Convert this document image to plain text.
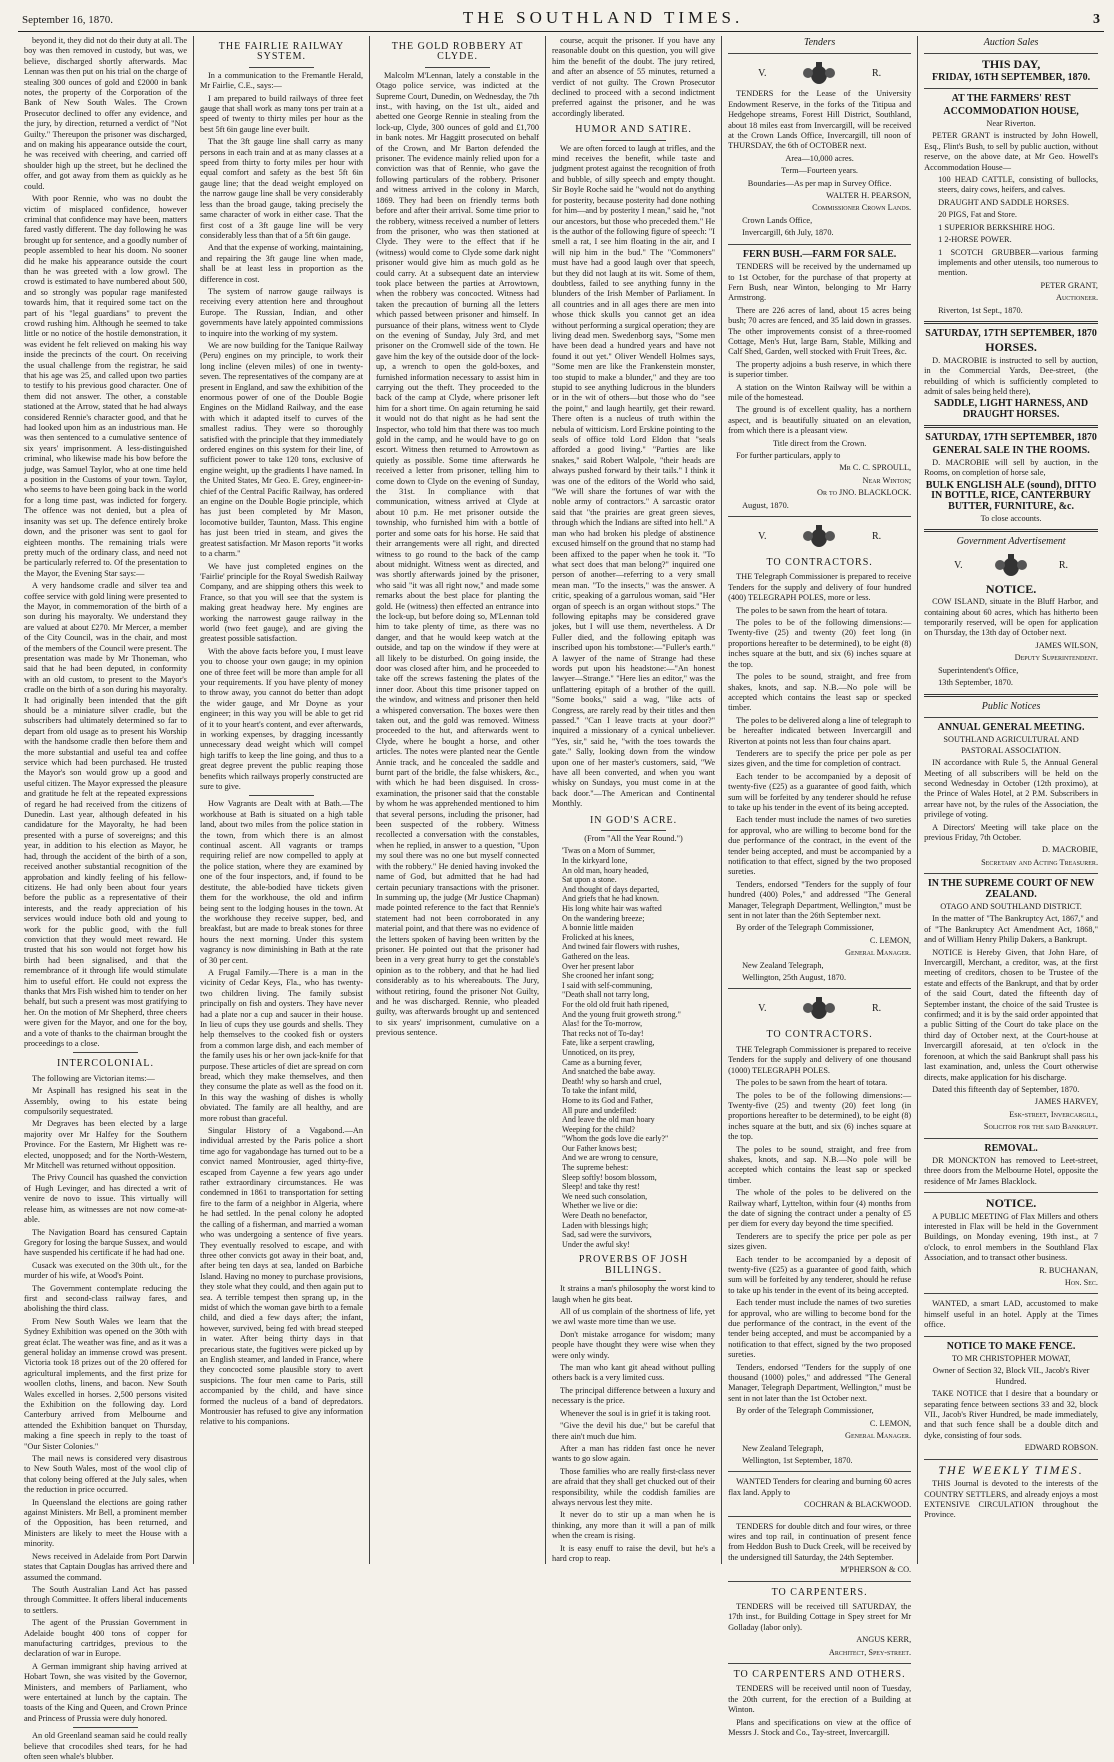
September 16, 1870.	THE SOUTHLAND TIMES.	3

beyond it, they did not do their duty at all. The boy was then removed in custody, but was, we believe, discharged shortly afterwards. Mac Lennan was then put on his trial on the charge of stealing 300 ounces of gold and £2000 in bank notes, the property of the Corporation of the Bank of New South Wales. The Crown Prosecutor declined to offer any evidence, and the jury, by direction, returned a verdict of "Not Guilty." Thereupon the prisoner was discharged, and on making his appearance outside the court, he was received with cheering, and carried off shoulder high up the street, but he declined the offer, and got away from them as quickly as he could.

With poor Rennie, who was no doubt the victim of misplaced confidence, however criminal that confidence may have been, matters fared vastly different. The day following he was brought up for sentence, and a goodly number of people assembled to hear his doom. No sooner did he make his appearance outside the court than he was greeted with a low growl. The crowd is estimated to have numbered about 500, and so strongly was popular rage manifested towards him, that it required some tact on the part of his "legal guardians" to prevent the crowd rushing him. Although he seemed to take little or no notice of the hostile demonstration, it was evident he felt relieved on making his way inside the precincts of the court. On receiving the usual challenge from the registrar, he said that his age was 25, and called upon two parties to testify to his previous good character. One of them did not answer. The other, a constable stationed at the Arrow, stated that he had always considered Rennie's character good, and that he had looked upon him as an industrious man. He was then sentenced to a cumulative sentence of six years' imprisonment. A less-distinguished criminal, who likewise made his bow before the judge, was Samuel Taylor, who at one time held a position in the Customs of your town. Taylor, who seems to have been going back in the world for a long time past, was indicted for forgery. The offence was not denied, but a plea of insanity was set up. The defence entirely broke down, and the prisoner was sent to gaol for eighteen months. The remaining trials were pretty much of the ordinary class, and need not be particularly referred to. Of the presentation to the Mayor, the Evening Star says:—

A very handsome cradle and silver tea and coffee service with gold lining were presented to the Mayor, in commemoration of the birth of a son during his mayoralty. We understand they are valued at about £270. Mr Mercer, a member of the City Council, was in the chair, and most of the members of the Council were present. The presentation was made by Mr Thoneman, who said that he had been deputed, in conformity with an old custom, to present to the Mayor's cradle on the birth of a son during his mayoralty. It had originally been intended that the gift should be a miniature silver cradle, but the subscribers had ultimately determined so far to depart from old usage as to present his Worship with the handsome cradle then before them and the more substantial and useful tea and coffee service which had been purchased. He trusted the Mayor's son would grow up a good and useful citizen. The Mayor expressed the pleasure and gratitude he felt at the repeated expressions of regard he had received from the citizens of Dunedin. Last year, although defeated in his candidature for the Mayoralty, he had been presented with a purse of sovereigns; and this year, in addition to his election as Mayor, he had, through the accident of the birth of a son, received another substantial recognition of the approbation and kindly feeling of his fellow-citizens. He had only been about four years before the public as a representative of their interests, and the ready appreciation of his services would induce both old and young to work for the public good, with the full conviction that they would meet reward. He trusted that his son would not forget how his birth had been signalised, and that the remembrance of it through life would stimulate him to useful effort. He could not express the thanks that Mrs Fish wished him to tender on her behalf, but such a present was most gratifying to her. On the motion of Mr Shepherd, three cheers were given for the Mayor, and one for the boy, and a vote of thanks to the chairman brought the proceedings to a close.

INTERCOLONIAL.

The following are Victorian items:—

Mr Aspinall has resigned his seat in the Assembly, owing to his estate being compulsorily sequestrated.

Mr Degraves has been elected by a large majority over Mr Halfey for the Southern Province. For the Eastern, Mr Highett was re-elected, unopposed; and for the North-Western, Mr Mitchell was returned without opposition.

The Privy Council has quashed the conviction of Hugh Levinger, and has directed a writ of venire de novo to issue. This virtually will release him, as witnesses are not now come-at-able.

The Navigation Board has censured Captain Gregory for losing the barque Sussex, and would have suspended his certificate if he had had one.

Cusack was executed on the 30th ult., for the murder of his wife, at Wood's Point.

The Government contemplate reducing the first and second-class railway fares, and abolishing the third class.

From New South Wales we learn that the Sydney Exhibition was opened on the 30th with great éclat. The weather was fine, and as it was a general holiday an immense crowd was present. Victoria took 18 prizes out of the 20 offered for agricultural implements, and the first prize for woollen cloths, linens, and bacon. New South Wales excelled in horses. 2,500 persons visited the Exhibition on the following day. Lord Canterbury arrived from Melbourne and attended the Exhibition banquet on Thursday, making a fine speech in reply to the toast of "Our Sister Colonies."

The mail news is considered very disastrous to New South Wales, most of the wool clip of that colony being offered at the July sales, when the reduction in price occurred.

In Queensland the elections are going rather against Ministers. Mr Bell, a prominent member of the Opposition, has been returned, and Ministers are likely to meet the House with a minority.

News received in Adelaide from Port Darwin states that Captain Douglas has arrived there and assumed the command.

The South Australian Land Act has passed through Committee. It offers liberal inducements to settlers.

The agent of the Prussian Government in Adelaide bought 400 tons of copper for manufacturing cartridges, previous to the declaration of war in Europe.

A German immigrant ship having arrived at Hobart Town, she was visited by the Governor, Ministers, and members of Parliament, who were entertained at lunch by the captain. The toasts of the King and Queen, and Crown Prince and Princess of Prussia were duly honored.

An old Greenland seaman said he could really believe that crocodiles shed tears, for he had often seen whale's blubber.

THE FAIRLIE RAILWAY SYSTEM.

In a communication to the Fremantle Herald, Mr Fairlie, C.E., says:—

I am prepared to build railways of three feet gauge that shall work as many tons per train at a speed of twenty to thirty miles per hour as the best 5ft 6in gauge line ever built.

That the 3ft gauge line shall carry as many persons in each train and at as many classes at a speed from thirty to forty miles per hour with equal comfort and safety as the best 5ft 6in gauge line; that the dead weight employed on the narrow gauge line shall be very considerably less than the broad gauge, taking precisely the same character of work in either case. That the first cost of a 3ft gauge line will be very considerably less than that of a 5ft 6in gauge.

And that the expense of working, maintaining, and repairing the 3ft gauge line when made, shall be at least less in proportion as the difference in cost.

The system of narrow gauge railways is receiving every attention here and throughout Europe. The Russian, Indian, and other governments have lately appointed commissions to inquire into the working of my system.

We are now building for the Tanique Railway (Peru) engines on my principle, to work their long incline (eleven miles) of one in twenty-seven. The representatives of the company are at present in England, and saw the exhibition of the enormous power of one of the Double Bogie Engines on the Midland Railway, and the ease with which it adapted itself to curves of the smallest radius. They were so thoroughly satisfied with the principle that they immediately ordered engines on this system for their line, of sufficient power to take 120 tons, exclusive of engine weight, up the gradients I have named. In the United States, Mr Geo. E. Grey, engineer-in-chief of the Central Pacific Railway, has ordered an engine on the Double Bogie principle, which has just been completed by Mr Mason, locomotive builder, Taunton, Mass. This engine has just been tried in steam, and gives the greatest satisfaction. Mr Mason reports "it works to a charm."

We have just completed engines on the 'Fairlie' principle for the Royal Swedish Railway Company, and are shipping others this week to France, so that you will see that the system is making great headway here. My engines are working the narrowest gauge railway in the world (two feet gauge), and are giving the greatest possible satisfaction.

With the above facts before you, I must leave you to choose your own gauge; in my opinion one of three feet will be more than ample for all your requirements. If you have plenty of money to throw away, you cannot do better than adopt the wider gauge, and Mr Doyne as your engineer; in this way you will be able to get rid of it to your heart's content, and ever afterwards, in working expenses, by dragging incessantly unnecessary dead weight which will compel high tariffs to keep the line going, and thus to a great degree prevent the public reaping those benefits which railways properly constructed are sure to give.

How Vagrants are Dealt with at Bath.—The workhouse at Bath is situated on a high table land, about two miles from the police station in the town, from which there is an almost continual ascent. All vagrants or tramps requiring relief are now compelled to apply at the police station, where they are examined by one of the four inspectors, and, if found to be destitute, the able-bodied have tickets given them for the workhouse, the old and infirm being sent to the lodging houses in the town. At the workhouse they receive supper, bed, and breakfast, but are made to break stones for three hours the next morning. Under this system vagrancy is now diminishing in Bath at the rate of 30 per cent.

A Frugal Family.—There is a man in the vicinity of Cedar Keys, Fla., who has twenty-two children living. The family subsist principally on fish and oysters. They have never had a plate nor a cup and saucer in their house. In lieu of cups they use gourds and shells. They help themselves to the cooked fish or oysters from a common large dish, and each member of the family uses his or her own jack-knife for that purpose. These articles of diet are spread on corn bread, which they make themselves, and then they consume the plate as well as the food on it. In this way the washing of dishes is wholly obviated. The family are all healthy, and are more robust than graceful.

Singular History of a Vagabond.—An individual arrested by the Paris police a short time ago for vagabondage has turned out to be a convict named Montrousier, aged thirty-five, escaped from Cayenne a few years ago under rather extraordinary circumstances. He was condemned in 1861 to transportation for setting fire to the farm of a neighbor in Algeria, where he had settled. In the penal colony he adopted the calling of a fisherman, and married a woman who was undergoing a sentence of five years. They eventually resolved to escape, and with three other convicts got away in their boat, and, after being ten days at sea, landed on Barbiche Island. Having no money to purchase provisions, they stole what they could, and then again put to sea. A terrible tempest then sprang up, in the midst of which the woman gave birth to a female child, and died a few days after; the infant, however, survived, being fed with bread steeped in water. After being thirty days in that precarious state, the fugitives were picked up by an English steamer, and landed in France, where they concocted some plausible story to avert suspicions. The four men came to Paris, still accompanied by the child, and have since formed the nucleus of a band of depredators. Montrousier has refused to give any information relative to his companions.

THE GOLD ROBBERY AT CLYDE.

Malcolm M'Lennan, lately a constable in the Otago police service, was indicted at the Supreme Court, Dunedin, on Wednesday, the 7th inst., with having, on the 1st ult., aided and abetted one George Rennie in stealing from the lock-up, Clyde, 300 ounces of gold and £1,700 in bank notes. Mr Haggitt prosecuted on behalf of the Crown, and Mr Barton defended the prisoner. The evidence mainly relied upon for a conviction was that of Rennie, who gave the following particulars of the robbery. Prisoner and witness arrived in the colony in March, 1869. They had been on friendly terms both before and after their arrival. Some time prior to the robbery, witness received a number of letters from the prisoner, who was then stationed at Clyde. They were to the effect that if he (witness) would come to Clyde some dark night prisoner would give him as much gold as he could carry. At a subsequent date an interview took place between the parties at Arrowtown, when the robbery was concocted. Witness had taken the precaution of burning all the letters which passed between prisoner and himself. In pursuance of their plans, witness went to Clyde on the evening of Sunday, July 3rd, and met prisoner on the Cromwell side of the town. He gave him the key of the outside door of the lock-up, a wrench to open the gold-boxes, and furnished information necessary to assist him in carrying out the theft. They proceeded to the back of the camp at Clyde, where prisoner left him for a short time. On again returning he said it would not do that night as he had sent the Inspector, who told him that there was too much gold in the camp, and he would have to go on escort. Witness then returned to Arrowtown as quietly as possible. Some time afterwards he received a letter from prisoner, telling him to come down to Clyde on the evening of Sunday, the 31st. In compliance with that communication, witness arrived at Clyde at about 10 p.m. He met prisoner outside the township, who furnished him with a bottle of porter and some oats for his horse. He said that their arrangements were all right, and directed witness to go round to the back of the camp about midnight. Witness went as directed, and was shortly afterwards joined by the prisoner, who said "it was all right now," and made some remarks about the best place for planting the gold. He (witness) then effected an entrance into the lock-up, but before doing so, M'Lennan told him to take plenty of time, as there was no danger, and that he would keep watch at the outside, and tap on the window if they were at all likely to be disturbed. On going inside, the door was closed after him, and he proceeded to take off the screws fastening the plates of the inner door. About this time prisoner tapped on the window, and witness and prisoner then held a whispered conversation. The boxes were then taken out, and the gold was removed. Witness proceeded to the hut, and afterwards went to Clyde, where he bought a horse, and other articles. The notes were planted near the Gentle Annie track, and he concealed the saddle and burnt part of the bridle, the false whiskers, &c., with which he had been disguised. In cross-examination, the prisoner said that the constable by whom he was apprehended mentioned to him that several persons, including the prisoner, had been suspected of the robbery. Witness recollected a conversation with the constables, when he replied, in answer to a question, "Upon my soul there was no one but myself connected with the robbery." He denied having invoked the name of God, but admitted that he had had certain pecuniary transactions with the prisoner. In summing up, the judge (Mr Justice Chapman) made pointed reference to the fact that Rennie's statement had not been corroborated in any material point, and that there was no evidence of the letters spoken of having been written by the prisoner. He pointed out that the prisoner had been in a very great hurry to get the constable's opinion as to the robbery, and that he had lied considerably as to his whereabouts. The Jury, without retiring, found the prisoner Not Guilty, and he was discharged. Rennie, who pleaded guilty, was afterwards brought up and sentenced to six years' imprisonment, cumulative on a previous sentence.

course, acquit the prisoner. If you have any reasonable doubt on this question, you will give him the benefit of the doubt. The jury retired, and after an absence of 55 minutes, returned a verdict of not guilty. The Crown Prosecutor declined to proceed with a second indictment preferred against the prisoner, and he was accordingly liberated.

HUMOR AND SATIRE.

We are often forced to laugh at trifles, and the mind receives the benefit, while taste and judgment protest against the recognition of froth and bubble, of silly speech and empty thought. Sir Boyle Roche said he "would not do anything for posterity, because posterity had done nothing for him—and by posterity I mean," said he, "not our ancestors, but those who preceded them." He is the author of the following figure of speech: "I smell a rat, I see him floating in the air, and I will nip him in the bud." The "Commoners" must have had a good laugh over that speech, but they did not laugh at its wit. Some of them, doubtless, failed to see anything funny in the blunders of the Irish Member of Parliament. In all countries and in all ages there are men into whose thick skulls you cannot get an idea without performing a surgical operation; they are living dead men. Swedenborg says, "Some men have been dead a hundred years and have not found it out yet." Oliver Wendell Holmes says, "Some men are like the Frankenstein monster, too stupid to make a blunder," and they are too stupid to see anything ludicrous in the blunders or in the wit of others—but those who do "see the point," and laugh heartily, get their reward. There often is a nucleus of truth within the nebula of witticism. Lord Erskine pointing to the seals of office told Lord Eldon that "seals afforded a good living." "Parties are like snakes," said Robert Walpole, "their heads are always pushed forward by their tails." I think it was one of the editors of the World who said, "We will share the fortunes of war with the noble army of contractors." A sarcastic orator said that "the prairies are great green sieves, through which the Indians are sifted into hell." A man who had broken his pledge of abstinence excused himself on the ground that no stamp had been affixed to the paper when he took it. "To what sect does that man belong?" inquired one person of another—referring to a very small mean man. "To the insects," was the answer. A critic, speaking of a garrulous woman, said "Her organ of speech is an organ without stops." The following epitaphs may be considered grave jokes, but I will use them, nevertheless. A Dr Fuller died, and the following epitaph was inscribed upon his tombstone:—"Fuller's earth." A lawyer of the name of Strange had these words put upon his headstone:—"An honest lawyer—Strange." "Here lies an editor," was the unflattering epitaph of a brother of the quill. "Some books," said a wag, "like acts of Congress, are rarely read by their titles and then passed." "Can I leave tracts at your door?" inquired a missionary of a cynical unbeliever. "Yes, sir," said he, "with the toes towards the gate." Sally, looking down from the window upon one of her master's customers, said, "We have all been converted, and when you want whisky on Sundays, you must come in at the back door."—The American and Continental Monthly.

IN GOD'S ACRE.

(From "All the Year Round.")

'Twas on a Morn of Summer,

In the kirkyard lone,

An old man, hoary headed,

Sat upon a stone.

And thought of days departed,

And griefs that he had known.

His long white hair was wafted

On the wandering breeze;

A bonnie little maiden

Frolicked at his knees,

And twined fair flowers with rushes,

Gathered on the leas.

Over her present labor

She crooned her infant song;

I said with self-communing,

"Death shall not tarry long,

For the old old fruit hath ripened,

And the young fruit groweth strong."

Alas! for the To-morrow,

That recks not of To-day!

Fate, like a serpent crawling,

Unnoticed, on its prey,

Came as a burning fever,

And snatched the babe away.

Death! why so harsh and cruel,

To take the infant mild,

Home to its God and Father,

All pure and undefiled:

And leave the old man hoary

Weeping for the child?

"Whom the gods love die early?"

Our Father knows best;

And we are wrong to censure,

The supreme behest:

Sleep softly! bosom blossom,

Sleep! and take thy rest!

We need such consolation,

Whether we live or die:

Were Death no benefactor,

Laden with blessings high;

Sad, sad were the survivors,

Under the awful sky!

PROVERBS OF JOSH BILLINGS.

It strains a man's philosophy the worst kind to laugh when he gits beat.

All of us complain of the shortness of life, yet we awl waste more time than we use.

Don't mistake arrogance for wisdom; many people have thought they were wise when they were only windy.

The man who kant git ahead without pulling others back is a very limited cuss.

The principal difference between a luxury and necessary is the price.

Whenever the soul is in grief it is taking root.

"Give the devil his due," but be careful that there ain't much due him.

After a man has ridden fast once he never wants to go slow again.

Those families who are really first-class never are afraid that they shall get chucked out of their responsibility, while the coddish families are always nervous lest they mite.

It never do to stir up a man when he is thinking, any more than it will a pan of milk when the cream is rising.

It is easy enuff to raise the devil, but he's a hard crop to reap.

Tenders
V.	R.

TENDERS for the Lease of the University Endowment Reserve, in the forks of the Titipua and Hedgehope streams, Forest Hill District, Southland, about 18 miles east from Invercargill, will be received at the Crown Lands Office, Invercargill, till noon of THURSDAY, the 6th of OCTOBER next.

Area—10,000 acres.

Term—Fourteen years.

Boundaries—As per map in Survey Office.

WALTER H. PEARSON,

Commissioner Crown Lands.

Crown Lands Office,

Invercargill, 6th July, 1870.

FERN BUSH.—FARM FOR SALE.

TENDERS will be received by the undernamed up to 1st October, for the purchase of that property at Fern Bush, near Winton, belonging to Mr Harry Armstrong.

There are 226 acres of land, about 15 acres being bush; 70 acres are fenced, and 35 laid down in grasses. The other improvements consist of a three-roomed Cottage, Men's Hut, large Barn, Stable, Milking and Calf Shed, Garden, well stocked with Fruit Trees, &c.

The property adjoins a bush reserve, in which there is superior timber.

A station on the Winton Railway will be within a mile of the homestead.

The ground is of excellent quality, has a northern aspect, and is beautifully situated on an elevation, from which there is a pleasant view.

Title direct from the Crown.

For further particulars, apply to

Mr C. C. SPROULL,

Near Winton;

Or to JNO. BLACKLOCK.

August, 1870.

V.	R.
TO CONTRACTORS.

THE Telegraph Commissioner is prepared to receive Tenders for the supply and delivery of four hundred (400) TELEGRAPH POLES, more or less.

The poles to be sawn from the heart of totara.

The poles to be of the following dimensions:—Twenty-five (25) and twenty (20) feet long (in proportions hereafter to be determined), to be eight (8) inches square at the butt, and six (6) inches square at the top.

The poles to be sound, straight, and free from shakes, knots, and sap. N.B.—No pole will be accepted which contains the least sap or specked timber.

The poles to be delivered along a line of telegraph to be hereafter indicated between Invercargill and Riverton at points not less than four chains apart.

Tenderers are to specify the price per pole as per sizes given, and the time for completion of contract.

Each tender to be accompanied by a deposit of twenty-five (£25) as a guarantee of good faith, which sum will be forfeited by any tenderer should he refuse to take up his tender in the event of its being accepted.

Each tender must include the names of two sureties for approval, who are willing to become bond for the due performance of the contract, in the event of the tender being accepted, and must be accompanied by a notification to that effect, signed by the two proposed sureties.

Tenders, endorsed "Tenders for the supply of four hundred (400) Poles," and addressed "The General Manager, Telegraph Department, Wellington," must be sent in not later than the 26th September next.

By order of the Telegraph Commissioner,

C. LEMON,

General Manager.

New Zealand Telegraph,

Wellington, 25th August, 1870.

V.	R.
TO CONTRACTORS.

THE Telegraph Commissioner is prepared to receive Tenders for the supply and delivery of one thousand (1000) TELEGRAPH POLES.

The poles to be sawn from the heart of totara.

The poles to be of the following dimensions:—Twenty-five (25) and twenty (20) feet long (in proportions hereafter to be determined), to be eight (8) inches square at the butt, and six (6) inches square at the top.

The poles to be sound, straight, and free from shakes, knots, and sap. N.B.—No pole will be accepted which contains the least sap or specked timber.

The whole of the poles to be delivered on the Railway wharf, Lyttelton, within four (4) months from the date of signing the contract under a penalty of £5 per diem for every day beyond the time specified.

Tenderers are to specify the price per pole as per sizes given.

Each tender to be accompanied by a deposit of twenty-five (£25) as a guarantee of good faith, which sum will be forfeited by any tenderer, should he refuse to take up his tender in the event of its being accepted.

Each tender must include the names of two sureties for approval, who are willing to become bond for the due performance of the contract, in the event of the tender being accepted, and must be accompanied by a notification to that effect, signed by the two proposed sureties.

Tenders, endorsed "Tenders for the supply of one thousand (1000) poles," and addressed "The General Manager, Telegraph Department, Wellington," must be sent in not later than the 1st October next.

By order of the Telegraph Commissioner,

C. LEMON,

General Manager.

New Zealand Telegraph,

Wellington, 1st September, 1870.

WANTED Tenders for clearing and burning 60 acres flax land. Apply to

COCHRAN & BLACKWOOD.

TENDERS for double ditch and four wires, or three wires and top rail, in continuation of present fence from Heddon Bush to Duck Creek, will be received by the undersigned till Saturday, the 24th September.

M'PHERSON & CO.

TO CARPENTERS.

TENDERS will be received till SATURDAY, the 17th inst., for Building Cottage in Spey street for Mr Golladay (labor only).

ANGUS KERR,

Architect, Spey-street.

TO CARPENTERS AND OTHERS.

TENDERS will be received until noon of Tuesday, the 20th current, for the erection of a Building at Winton.

Plans and specifications on view at the office of Messrs J. Stock and Co., Tay-street, Invercargill.

Auction Sales
THIS DAY,
FRIDAY, 16TH SEPTEMBER, 1870.
AT THE FARMERS' REST
ACCOMMODATION HOUSE,

Near Riverton.

PETER GRANT is instructed by John Howell, Esq., Flint's Bush, to sell by public auction, without reserve, on the above date, at Mr Geo. Howell's Accommodation House—

100 HEAD CATTLE, consisting of bullocks, steers, dairy cows, heifers, and calves.

DRAUGHT AND SADDLE HORSES.

20 PIGS, Fat and Store.

1 SUPERIOR BERKSHIRE HOG.

1 2-HORSE POWER.

1 SCOTCH GRUBBER—various farming implements and other utensils, too numerous to mention.

PETER GRANT,

Auctioneer.

Riverton, 1st Sept., 1870.

SATURDAY, 17TH SEPTEMBER, 1870
HORSES.

D. MACROBIE is instructed to sell by auction, in the Commercial Yards, Dee-street, (the rebuilding of which is sufficiently completed to admit of sales being held there),

SADDLE, LIGHT HARNESS, AND DRAUGHT HORSES.
SATURDAY, 17TH SEPTEMBER, 1870
GENERAL SALE IN THE ROOMS.

D. MACROBIE will sell by auction, in the Rooms, on completion of horse sale,

BULK ENGLISH ALE (sound), DITTO IN BOTTLE, RICE, CANTERBURY BUTTER, FURNITURE, &c.

To close accounts.

Government Advertisement
V.	R.
NOTICE.

COW ISLAND, situate in the Bluff Harbor, and containing about 60 acres, which has hitherto been temporarily reserved, will be open for application on Thursday, the 13th day of October next.

JAMES WILSON,

Deputy Superintendent.

Superintendent's Office,

13th September, 1870.

Public Notices
ANNUAL GENERAL MEETING.

SOUTHLAND AGRICULTURAL AND PASTORAL ASSOCIATION.

IN accordance with Rule 5, the Annual General Meeting of all subscribers will be held on the second Wednesday in October (12th proximo), at the Prince of Wales Hotel, at 2 P.M. Subscribers in arrear have not, by the rules of the Association, the privilege of voting.

A Directors' Meeting will take place on the previous Friday, 7th October.

D. MACROBIE,

Secretary and Acting Treasurer.

IN THE SUPREME COURT OF NEW ZEALAND.

OTAGO AND SOUTHLAND DISTRICT.

In the matter of "The Bankruptcy Act, 1867," and of "The Bankruptcy Act Amendment Act, 1868," and of William Henry Philip Dakers, a Bankrupt.

NOTICE is Hereby Given, that John Hare, of Invercargill, Merchant, a creditor, was, at the first meeting of creditors, chosen to be Trustee of the estate and effects of the Bankrupt, and that by order of the said Court, dated the fifteenth day of September instant, the choice of the said Trustee is confirmed; and it is by the said order appointed that a public Sitting of the Court do take place on the third day of October next, at the Court-house at Invercargill aforesaid, at ten o'clock in the forenoon, at which the said Bankrupt shall pass his last examination, and, unless the Court otherwise directs, make application for his discharge.

Dated this fifteenth day of September, 1870.

JAMES HARVEY,

Esk-street, Invercargill,

Solicitor for the said Bankrupt.

REMOVAL.

DR MONCKTON has removed to Leet-street, three doors from the Melbourne Hotel, opposite the residence of Mr James Blacklock.

NOTICE.

A PUBLIC MEETING of Flax Millers and others interested in Flax will be held in the Government Buildings, on Monday evening, 19th inst., at 7 o'clock, to enrol members in the Southland Flax Association, and to transact other business.

R. BUCHANAN,

Hon. Sec.

WANTED, a smart LAD, accustomed to make himself useful in an hotel. Apply at the Times office.

NOTICE TO MAKE FENCE.

TO MR CHRISTOPHER MOWAT,

Owner of Section 32, Block VII., Jacob's River Hundred.

TAKE NOTICE that I desire that a boundary or separating fence between sections 33 and 32, block VII., Jacob's River Hundred, be made immediately, and that such fence shall be a double ditch and dyke, consisting of four sods.

EDWARD ROBSON.

THE WEEKLY TIMES.

THIS Journal is devoted to the interests of the COUNTRY SETTLERS, and already enjoys a most EXTENSIVE CIRCULATION throughout the Province.
